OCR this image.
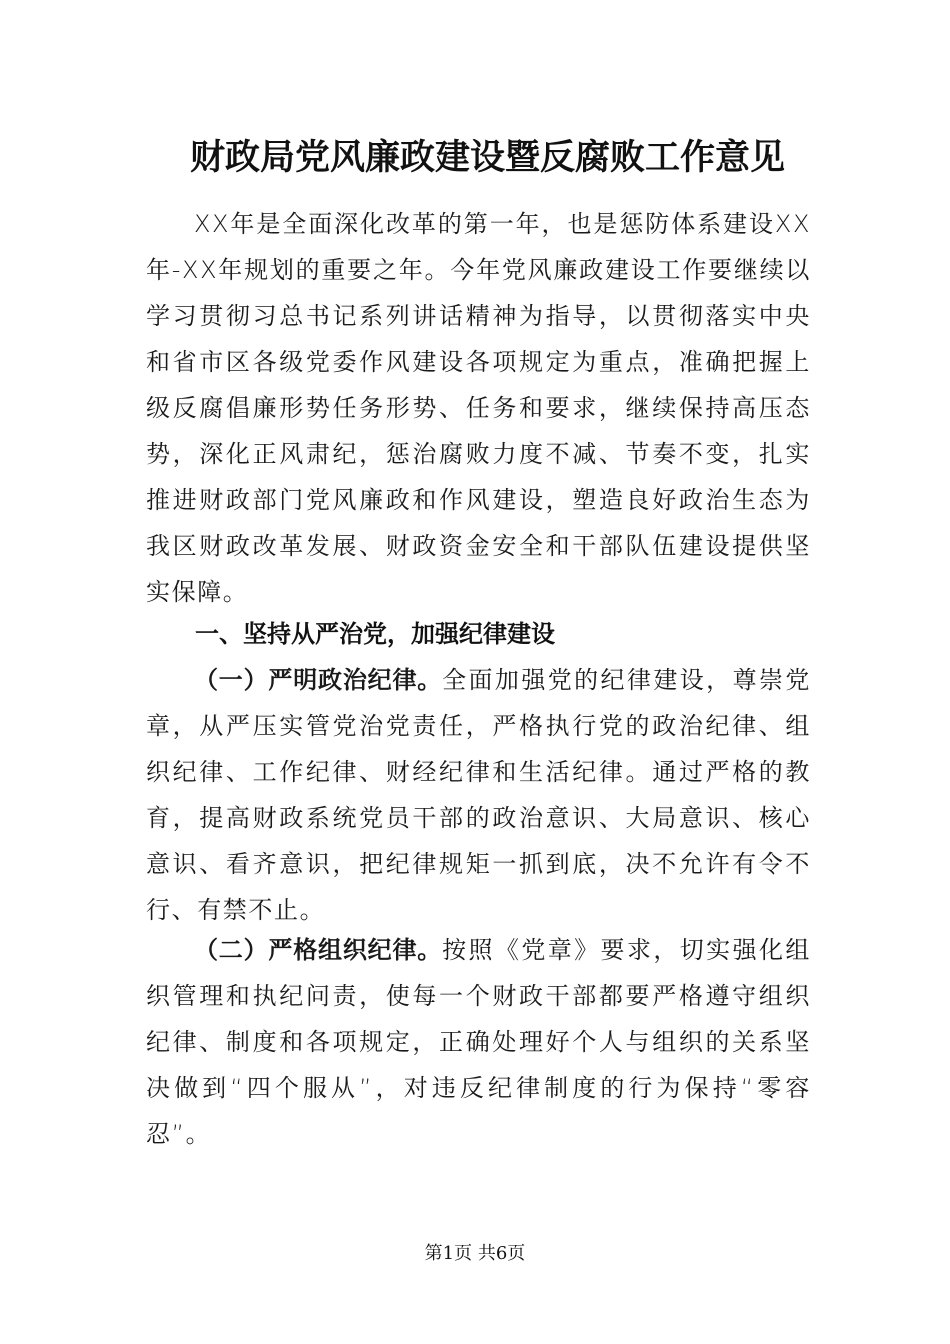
财政局党风廉政建设暨反腐败工作意见

XX年是全面深化改革的第一年，也是惩防体系建设XX年-XX年规划的重要之年。今年党风廉政建设工作要继续以学习贯彻习总书记系列讲话精神为指导，以贯彻落实中央和省市区各级党委作风建设各项规定为重点，准确把握上级反腐倡廉形势任务形势、任务和要求，继续保持高压态势，深化正风肃纪，惩治腐败力度不减、节奏不变，扎实推进财政部门党风廉政和作风建设，塑造良好政治生态为我区财政改革发展、财政资金安全和干部队伍建设提供坚实保障。

一、坚持从严治党，加强纪律建设

（一）严明政治纪律。全面加强党的纪律建设，尊崇党章，从严压实管党治党责任，严格执行党的政治纪律、组织纪律、工作纪律、财经纪律和生活纪律。通过严格的教育，提高财政系统党员干部的政治意识、大局意识、核心意识、看齐意识，把纪律规矩一抓到底，决不允许有令不行、有禁不止。

（二）严格组织纪律。按照《党章》要求，切实强化组织管理和执纪问责，使每一个财政干部都要严格遵守组织纪律、制度和各项规定，正确处理好个人与组织的关系坚决做到“四个服从”，对违反纪律制度的行为保持“零容忍”。

第1页 共6页
